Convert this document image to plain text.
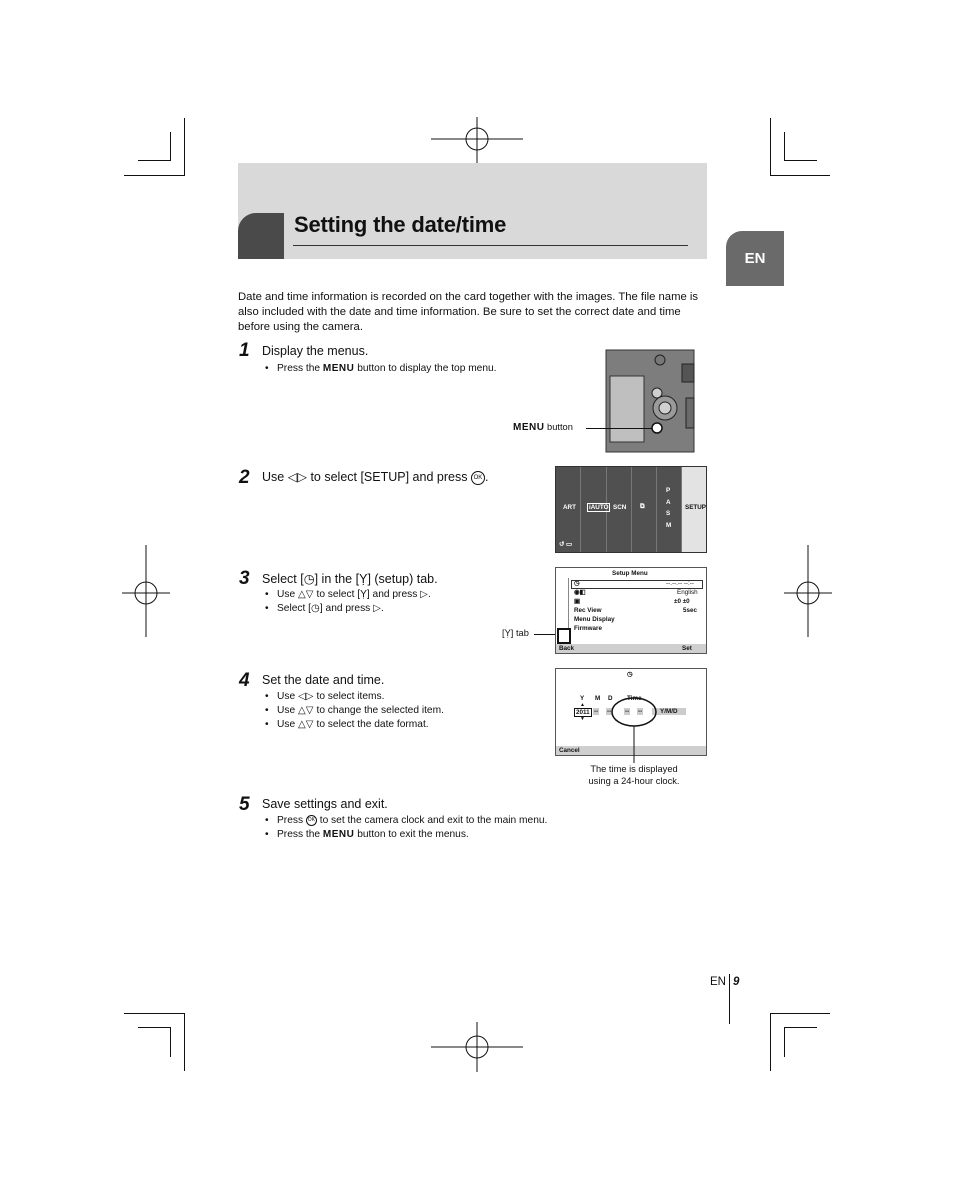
Setting the date/time
EN
Date and time information is recorded on the card together with the images. The file name is also included with the date and time information. Be sure to set the correct date and time before using the camera.
1 Display the menus.
• Press the MENU button to display the top menu.
MENU button
2 Use ◁▷ to select [SETUP] and press OK .
ART	iAUTO SCN ⧉
P
A
S
M
SETUP
↺ ▭
3 Select [◷] in the [Ỵ] (setup) tab.
• Use △▽ to select [Ỵ] and press ▷.
• Select [◷] and press ▷.
[Ỵ] tab
Setup Menu
◷	--.--.-- --:--
◉◧	English
▣	±0 ±0
Rec View	5sec
Menu Display
Firmware
Back	Set
4 Set the date and time.
• Use ◁▷ to select items.
• Use △▽ to change the selected item.
• Use △▽ to select the date format.
◷
Y M D Time
▲
2011 -- -- -- --	Y/M/D
▼
Cancel
The time is displayed
using a 24-hour clock.
5 Save settings and exit.
• Press OK to set the camera clock and exit to the main menu.
• Press the MENU button to exit the menus.
EN 9
